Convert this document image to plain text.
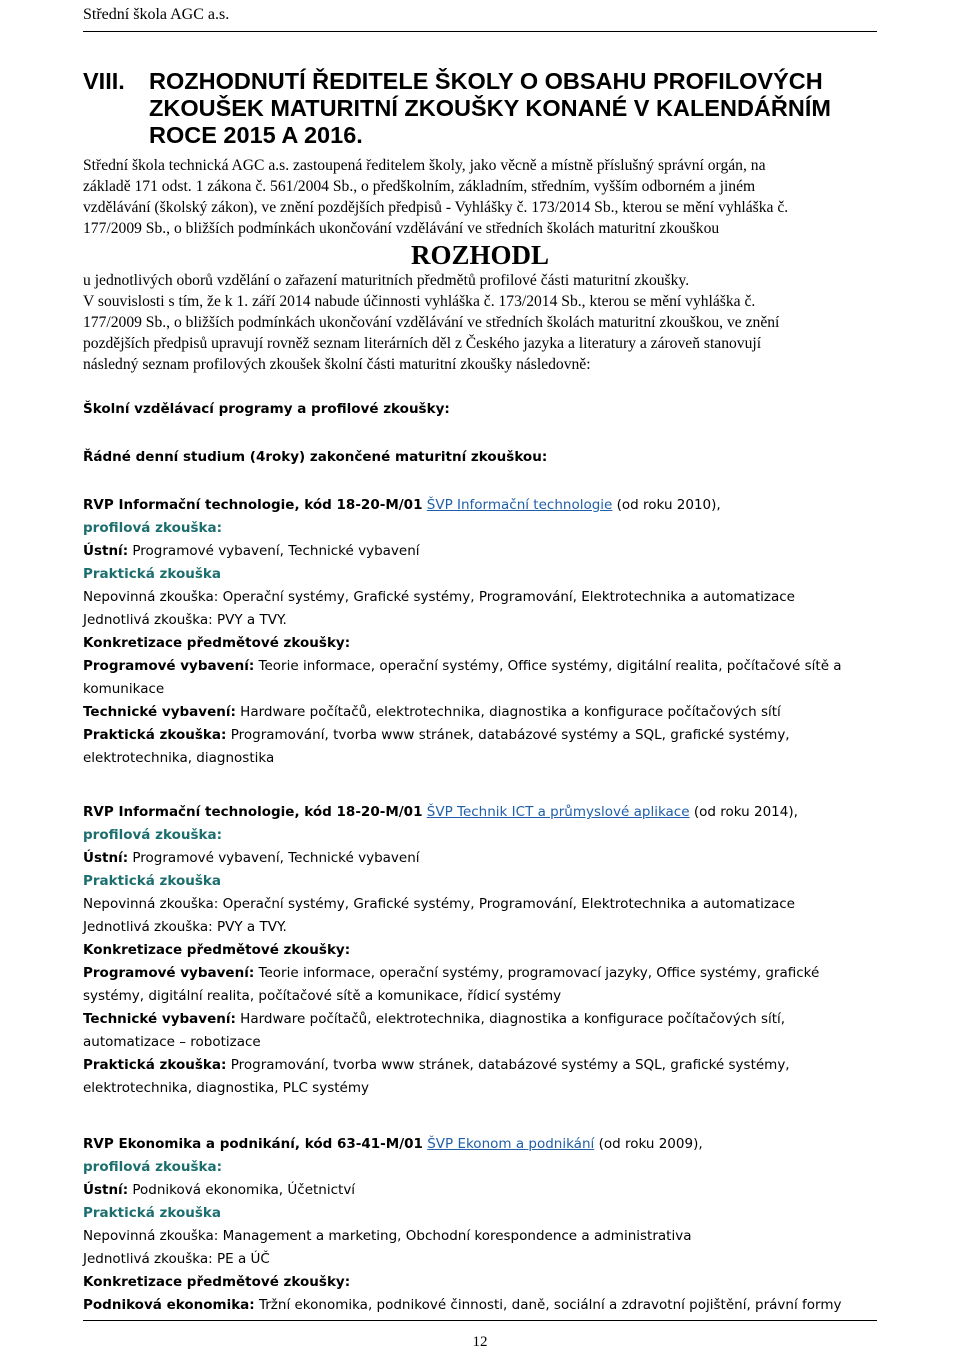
Střední škola AGC a.s.
VIII. ROZHODNUTÍ ŘEDITELE ŠKOLY O OBSAHU PROFILOVÝCH
ZKOUŠEK MATURITNÍ ZKOUŠKY KONANÉ V KALENDÁŘNÍM
ROCE 2015 A 2016.

Střední škola technická AGC a.s. zastoupená ředitelem školy, jako věcně a místně příslušný správní orgán, na

základě 171 odst. 1 zákona č. 561/2004 Sb., o předškolním, základním, středním, vyšším odborném a jiném

vzdělávání (školský zákon), ve znění pozdějších předpisů - Vyhlášky č. 173/2014 Sb., kterou se mění vyhláška č.

177/2009 Sb., o bližších podmínkách ukončování vzdělávání ve středních školách maturitní zkouškou

ROZHODL

u jednotlivých oborů vzdělání o zařazení maturitních předmětů profilové části maturitní zkoušky.

V souvislosti s tím, že k 1. září 2014 nabude účinnosti vyhláška č. 173/2014 Sb., kterou se mění vyhláška č.

177/2009 Sb., o bližších podmínkách ukončování vzdělávání ve středních školách maturitní zkouškou, ve znění

pozdějších předpisů upravují rovněž seznam literárních děl z Českého jazyka a literatury a zároveň stanovují

následný seznam profilových zkoušek školní části maturitní zkoušky následovně:

Školní vzdělávací programy a profilové zkoušky:
Řádné denní studium (4roky) zakončené maturitní zkouškou:

RVP Informační technologie, kód 18-20-M/01 ŠVP Informační technologie (od roku 2010),

profilová zkouška:

Ústní: Programové vybavení, Technické vybavení

Praktická zkouška

Nepovinná zkouška: Operační systémy, Grafické systémy, Programování, Elektrotechnika a automatizace

Jednotlivá zkouška: PVY a TVY.

Konkretizace předmětové zkoušky:

Programové vybavení: Teorie informace, operační systémy, Office systémy, digitální realita, počítačové sítě a

komunikace

Technické vybavení: Hardware počítačů, elektrotechnika, diagnostika a konfigurace počítačových sítí

Praktická zkouška: Programování, tvorba www stránek, databázové systémy a SQL, grafické systémy,

elektrotechnika, diagnostika

RVP Informační technologie, kód 18-20-M/01 ŠVP Technik ICT a průmyslové aplikace (od roku 2014),

profilová zkouška:

Ústní: Programové vybavení, Technické vybavení

Praktická zkouška

Nepovinná zkouška: Operační systémy, Grafické systémy, Programování, Elektrotechnika a automatizace

Jednotlivá zkouška: PVY a TVY.

Konkretizace předmětové zkoušky:

Programové vybavení: Teorie informace, operační systémy, programovací jazyky, Office systémy, grafické

systémy, digitální realita, počítačové sítě a komunikace, řídicí systémy

Technické vybavení: Hardware počítačů, elektrotechnika, diagnostika a konfigurace počítačových sítí,

automatizace – robotizace

Praktická zkouška: Programování, tvorba www stránek, databázové systémy a SQL, grafické systémy,

elektrotechnika, diagnostika, PLC systémy

RVP Ekonomika a podnikání, kód 63-41-M/01 ŠVP Ekonom a podnikání (od roku 2009),

profilová zkouška:

Ústní: Podniková ekonomika, Účetnictví

Praktická zkouška

Nepovinná zkouška: Management a marketing, Obchodní korespondence a administrativa

Jednotlivá zkouška: PE a ÚČ

Konkretizace předmětové zkoušky:

Podniková ekonomika: Tržní ekonomika, podnikové činnosti, daně, sociální a zdravotní pojištění, právní formy

12
